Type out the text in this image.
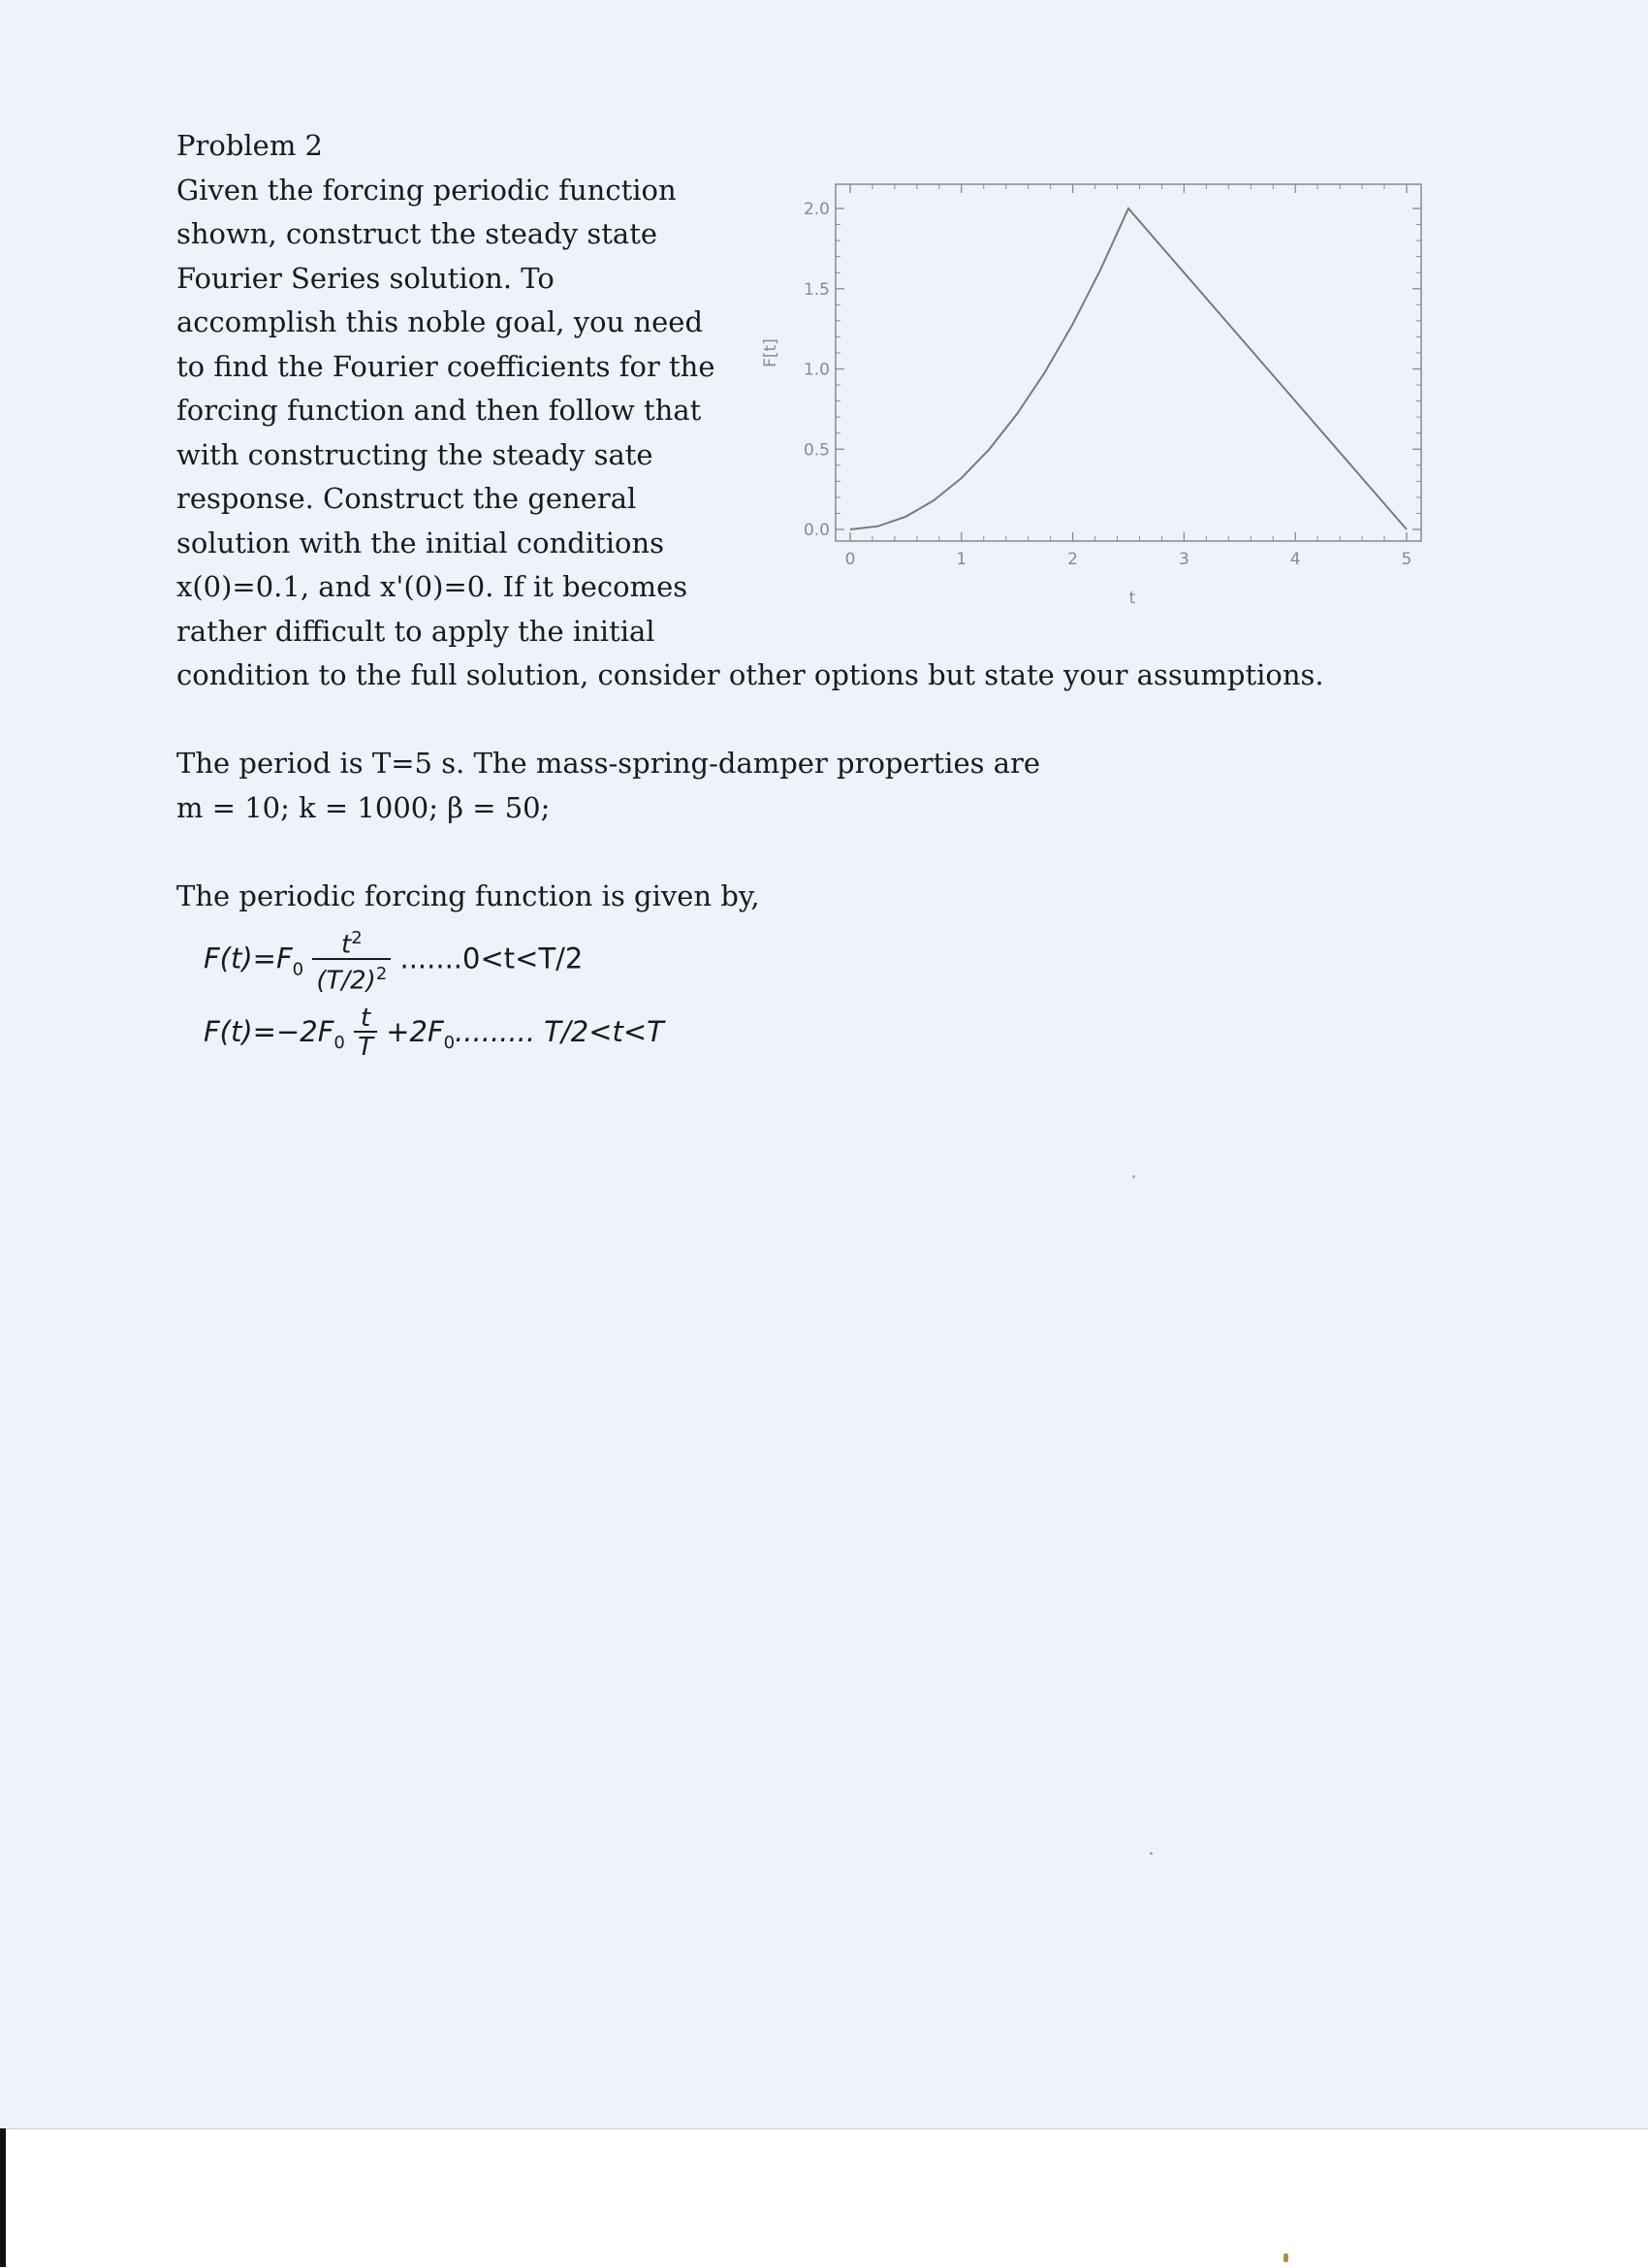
Problem 2
Given the forcing periodic function
shown, construct the steady state
Fourier Series solution. To
accomplish this noble goal, you need
to find the Fourier coefficients for the
forcing function and then follow that
with constructing the steady sate
response. Construct the general
solution with the initial conditions
x(0)=0.1, and x'(0)=0. If it becomes
rather difficult to apply the initial
condition to the full solution, consider other options but state your assumptions.
The period is T=5 s. The mass-spring-damper properties are
m = 10; k = 1000; β = 50;
The periodic forcing function is given by,
$F(t)=F_0 \frac{t^2}{(T/2)^2} .......0<t<T/2$
$F(t)=-2F_0 \frac{t}{T} +2F_0$......... T/2<t<T
0	1	2	3	4	5
0.0
0.5
1.0
1.5
2.0
t
F[t]
